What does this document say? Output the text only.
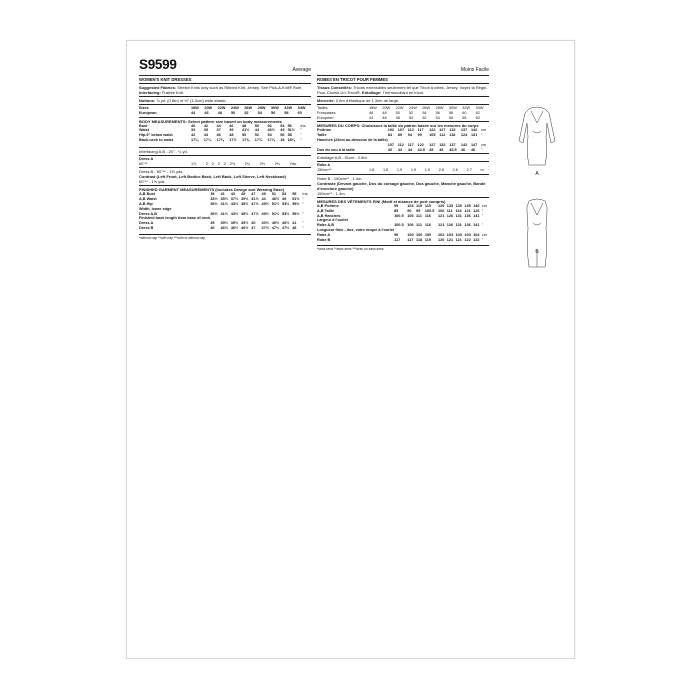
S9599	Average
WOMEN'S KNIT DRESSES
Suggested Fabrics: Stretch Knits only such as Ribbed Knit, Jersey. See Pick-A-Knit® Rule. Interfacing: Fusible Knit.
Notions: ⅞ yd. (0.8m) of ½" (1.3cm) wide elastic.
Sizes	18W	20W	22W	24W	26W	28W	30W	32W	34W	
European	44	46	48	50	52	54	56	58	60	
BODY MEASUREMENTS: Select pattern size based on body measurements
Bust	40	42	44	46	48	50	52	54	56	Ins.
Waist	33	35	37	39	41½	44	46½	49	51½	"
Hip-9" below waist	42	44	46	48	50	52	54	56	58	"
Back-neck to waist	17⅛	17¼	17⅜	17½	17⅝	17¾	17⅞	18	18⅛	"
Interfacing A,B - 20" - ¼ yd.
Dress A										
60"**	1⅞	2	2	2	2	2⅛	2¼	2⅜	2⅜	Yds.
Dress B - 60"** - 1⅝ yds.
Contrast (Left Front, Left Bodice Back, Left Back, Left Sleeve, Left Neckband)
60"** - 1⅝ yds.
FINISHED GARMENT MEASUREMENTS (Includes Design and Wearing Ease)
A,B Bust	39	41	43	45	47	49	51	53	55	Ins.
A,B Waist	33½	35½	37½	39½	41½	44	46½	49	51½	"
A,B Hip	39½	41½	43½	45½	47½	49½	51½	53½	55½	"
Width, lower edge										
Dress A,B	39½	41½	43½	45½	47½	49½	51½	53½	55½	"
Finished back length from base of neck										
Dress A	39	39½	39½	39½	40	40½	40½	40½	41	"
Dress B	46	46½	46½	46½	47	47½	47½	47½	48	"
*without nap **with nap ***with or without nap
Moins Facile
ROBES EN TRICOT POUR FEMMES
Tissus Conseillés: Tricots extensibles seulement tel que Tricot à côtes, Jersey. Voyez la Règle-Pour-Choisir-Un-Tricot®. Entoilage: Thermocollant en tricot.
Mercerie: 0.8m d'élastique de 1.3cm de large.
Tailles	18W	20W	22W	24W	26W	28W	30W	32W	34W	
Françaises	46	48	50	52	54	56	58	60	62	
Européen	44	46	48	50	52	54	56	58	60	
MESURES DU CORPS: Choisissez la taille du patron basée sur les mesures du corps
Poitrine	102	107	112	117	122	127	132	137	142	cm
Taille	84	89	94	99	105	112	118	124	131	"
Hanches (23cm au-dessous de la taille)										
	107	112	117	122	127	132	137	142	147	cm
Dos du cou à la taille	43	44	44	44.5	45	45	45.5	46	46	"
Entoilage A,B - 51cm - 0.8m
Robe A									
150cm**	1.8	1.8	1.9	1.9	1.9	2.6	2.6	2.7	m
Robe B - 150cm** - 1.4m.
Contraste (Devant gauche, Dos du corsage gauche, Dos gauche, Manche gauche, Bande d'encolure gauche)
150cm** - 1.4m.
MESURES DES VÊTEMENTS FINI (Motif et aisance de port compris)
A,B Poitrine	99	104	110	115	120	125	130	135	140	cm
A,B Taille	85	90	95	100.5	106	111	116	121	126	"
A,B Hanches	100.5	106	111	116	121	126	131	136	141	"
Largeur à l'ourlet										
Robe A,B	100.5	106	111	116	121	126	131	136	141	"
Longueur finie - dos, votre nuque à l'ourlet										
Robe A	99	100	100	100	102	103	103	103	104	cm
Robe B	117	117	118	119	120	121	121	122	122	"
*sans sens **avec sens ***avec ou sans sens
A
B
